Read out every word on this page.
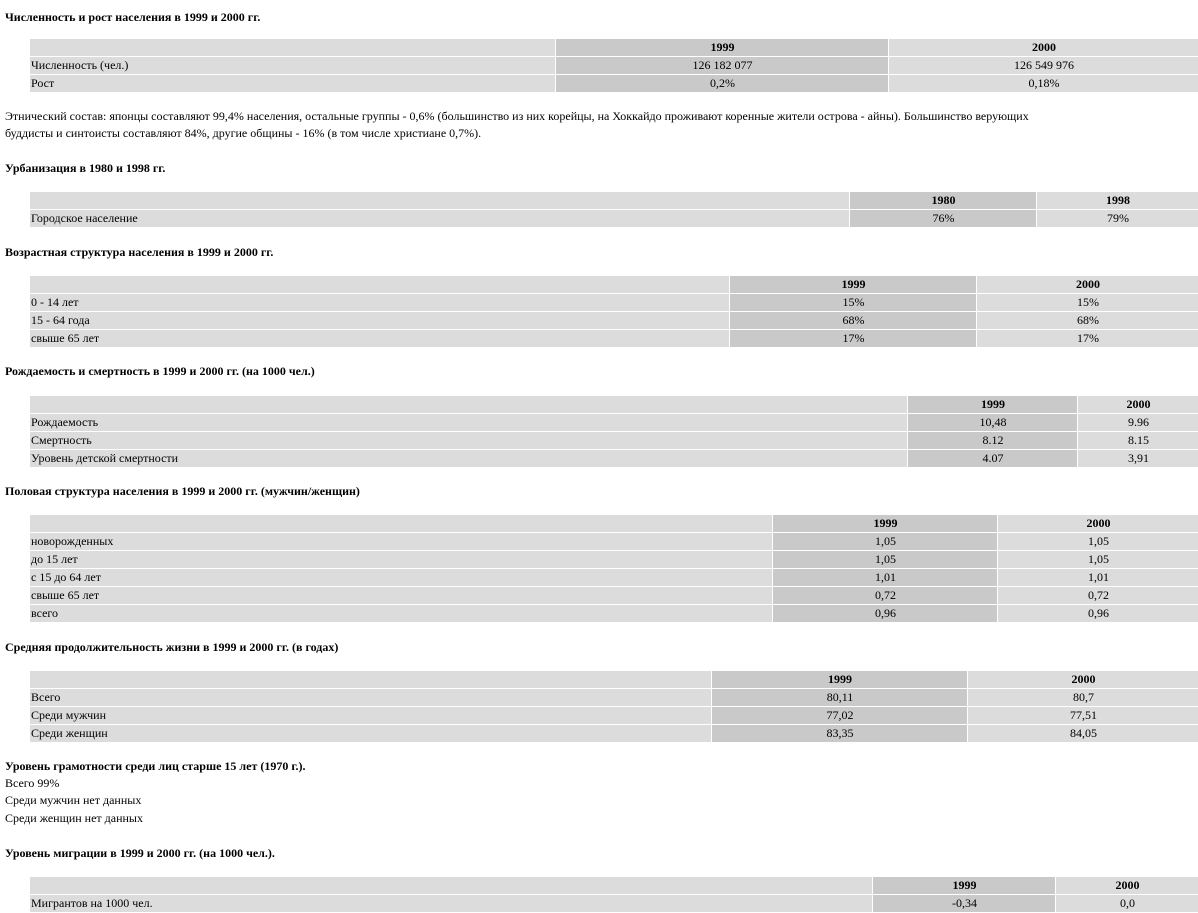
Численность и рост населения в 1999 и 2000 гг.
	1999	2000
Численность (чел.)	126 182 077	126 549 976
Рост	0,2%	0,18%
Этнический состав: японцы составляют 99,4% населения, остальные группы - 0,6% (большинство из них корейцы, на Хоккайдо проживают коренные жители острова - айны). Большинство верующих
буддисты и синтоисты составляют 84%, другие общины - 16% (в том числе христиане 0,7%).
Урбанизация в 1980 и 1998 гг.
	1980	1998
Городское население	76%	79%
Возрастная структура населения в 1999 и 2000 гг.
	1999	2000
0 - 14 лет	15%	15%
15 - 64 года	68%	68%
свыше 65 лет	17%	17%
Рождаемость и смертность в 1999 и 2000 гг. (на 1000 чел.)
	1999	2000
Рождаемость	10,48	9.96
Смертность	8.12	8.15
Уровень детской смертности	4.07	3,91
Половая структура населения в 1999 и 2000 гг. (мужчин/женщин)
	1999	2000
новорожденных	1,05	1,05
до 15 лет	1,05	1,05
с 15 до 64 лет	1,01	1,01
свыше 65 лет	0,72	0,72
всего	0,96	0,96
Средняя продолжительность жизни в 1999 и 2000 гг. (в годах)
	1999	2000
Всего	80,11	80,7
Среди мужчин	77,02	77,51
Среди женщин	83,35	84,05
Уровень грамотности среди лиц старше 15 лет (1970 г.).
Всего 99%
Среди мужчин нет данных
Среди женщин нет данных
Уровень миграции в 1999 и 2000 гг. (на 1000 чел.).
	1999	2000
Мигрантов на 1000 чел.	-0,34	0,0
